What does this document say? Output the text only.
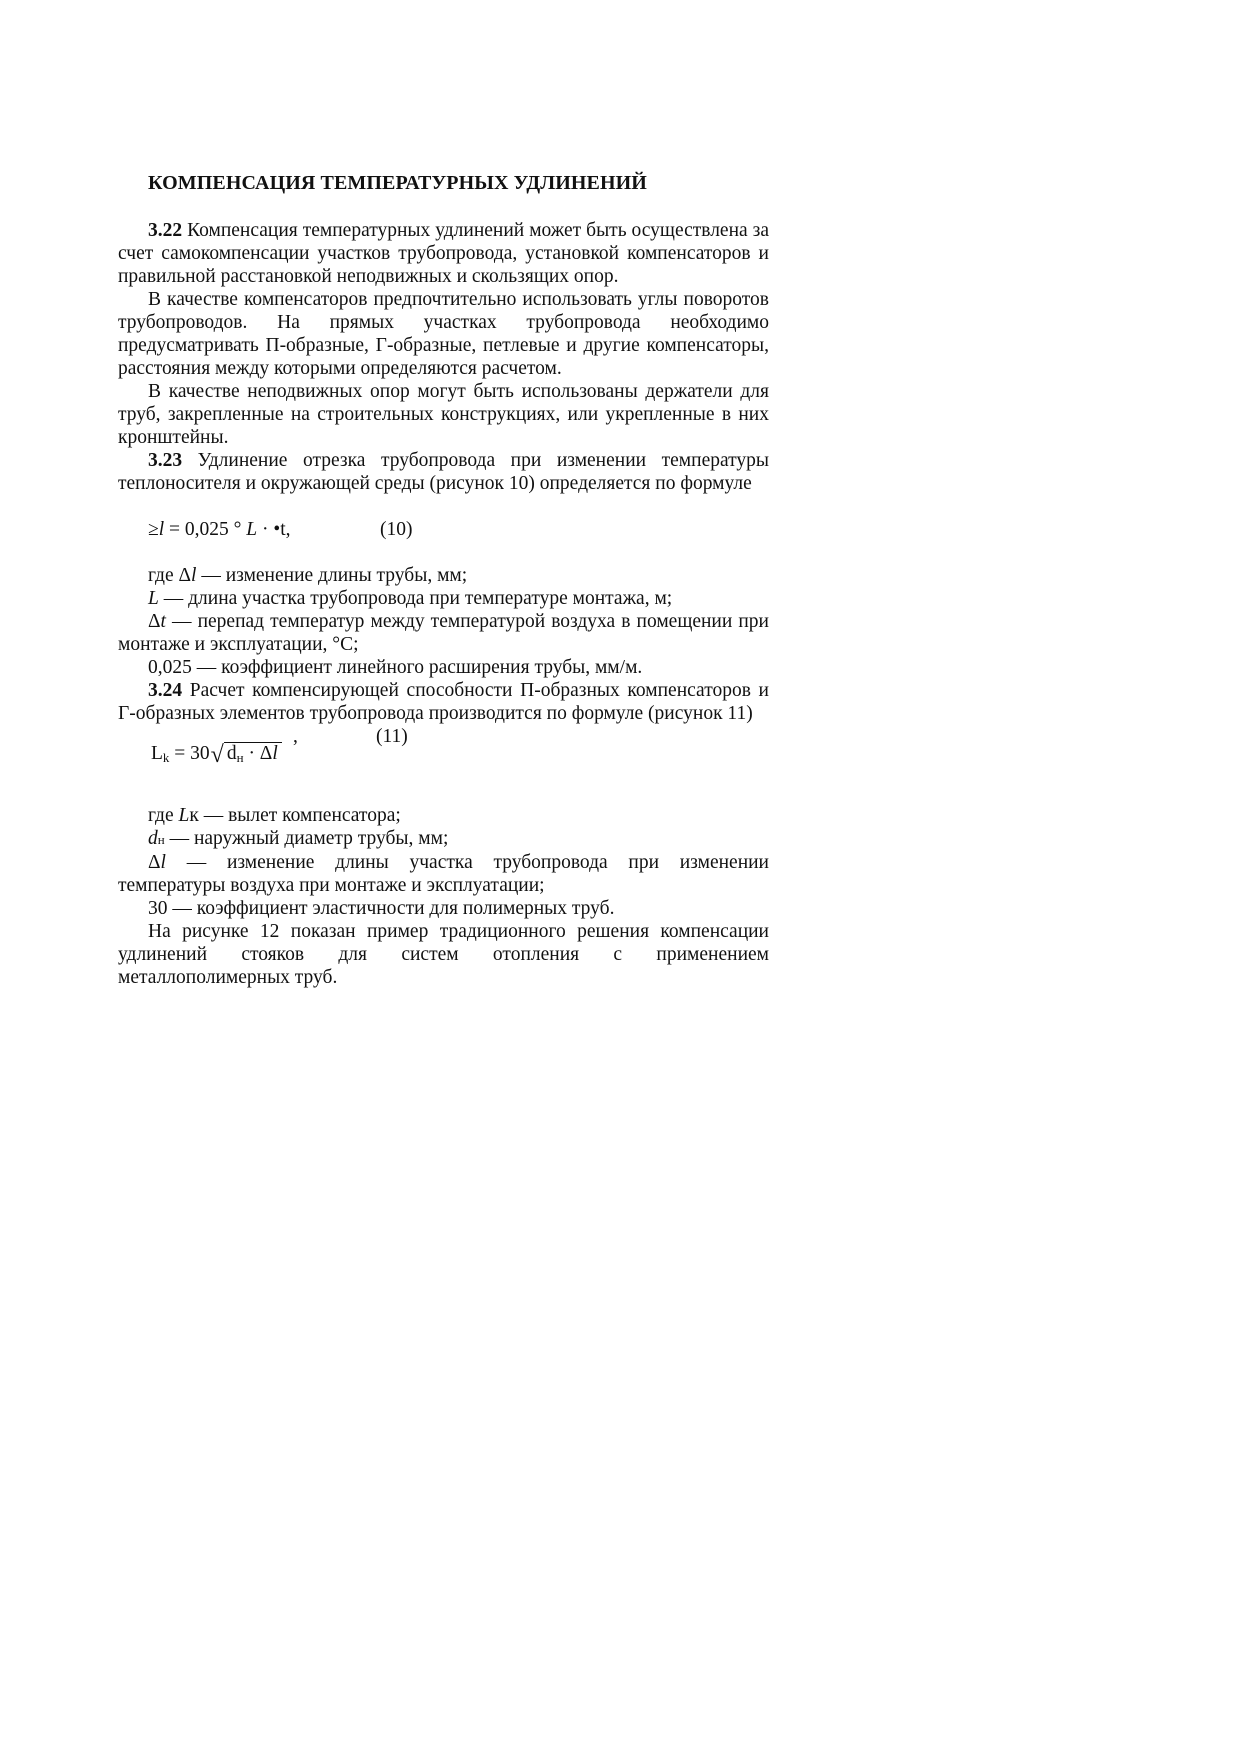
КОМПЕНСАЦИЯ ТЕМПЕРАТУРНЫХ УДЛИНЕНИЙ

3.22 Компенсация температурных удлинений может быть осуществлена за счет самокомпенсации участков трубопровода, установкой компенсаторов и правильной расстановкой неподвижных и скользящих опор.

В качестве компенсаторов предпочтительно использовать углы поворотов трубопроводов. На прямых участках трубопровода необходимо предусматривать П-образные, Г-образные, петлевые и другие компенсаторы, расстояния между которыми определяются расчетом.

В качестве неподвижных опор могут быть использованы держатели для труб, закрепленные на строительных конструкциях, или укрепленные в них кронштейны.

3.23 Удлинение отрезка трубопровода при изменении температуры теплоносителя и окружающей среды (рисунок 10) определяется по формуле

≥l = 0,025 ° L · •t,	(10)

где Δl — изменение длины трубы, мм;

L — длина участка трубопровода при температуре монтажа, м;

Δt — перепад температур между температурой воздуха в помещении при монтаже и эксплуатации, °С;

0,025 — коэффициент линейного расширения трубы, мм/м.

3.24 Расчет компенсирующей способности П-образных компенсаторов и Г-образных элементов трубопровода производится по формуле (рисунок 11)

,	(11)
Lk = 30√ dн · Δl

где Lк — вылет компенсатора;

dн — наружный диаметр трубы, мм;

Δl — изменение длины участка трубопровода при изменении температуры воздуха при монтаже и эксплуатации;

30 — коэффициент эластичности для полимерных труб.

На рисунке 12 показан пример традиционного решения компенсации удлинений стояков для систем отопления с применением металлополимерных труб.
